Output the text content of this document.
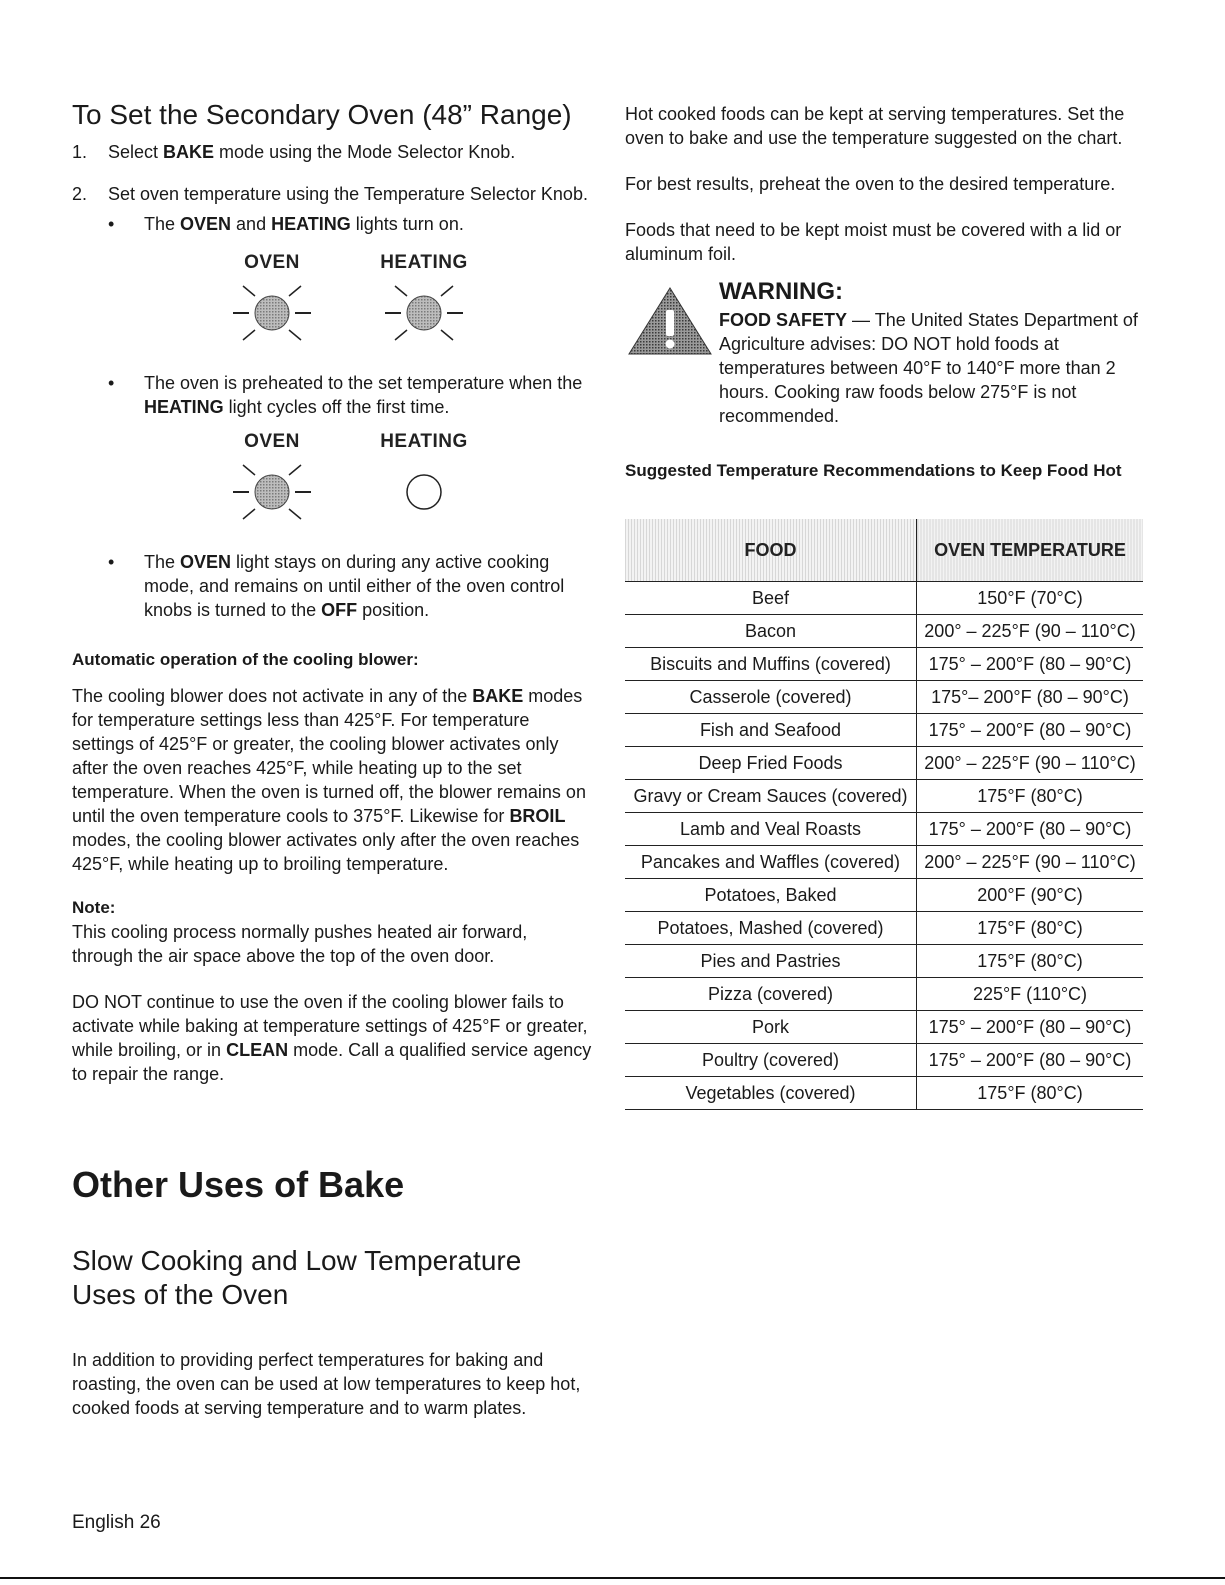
To Set the Secondary Oven (48” Range)
1. Select BAKE mode using the Mode Selector Knob.
2. Set oven temperature using the Temperature Selector Knob.
• The OVEN and HEATING lights turn on.
OVEN	HEATING
• The oven is preheated to the set temperature when the HEATING light cycles off the first time.
OVEN	HEATING
• The OVEN light stays on during any active cooking mode, and remains on until either of the oven control knobs is turned to the OFF position.
Automatic operation of the cooling blower:

The cooling blower does not activate in any of the BAKE modes for temperature settings less than 425°F. For temperature settings of 425°F or greater, the cooling blower activates only after the oven reaches 425°F, while heating up to the set temperature. When the oven is turned off, the blower remains on until the oven temperature cools to 375°F. Likewise for BROIL modes, the cooling blower activates only after the oven reaches 425°F, while heating up to broiling temperature.

Note:

This cooling process normally pushes heated air forward, through the air space above the top of the oven door.

DO NOT continue to use the oven if the cooling blower fails to activate while baking at temperature settings of 425°F or greater, while broiling, or in CLEAN mode. Call a qualified service agency to repair the range.

Other Uses of Bake
Slow Cooking and Low Temperature Uses of the Oven

In addition to providing perfect temperatures for baking and roasting, the oven can be used at low temperatures to keep hot, cooked foods at serving temperature and to warm plates.

Hot cooked foods can be kept at serving temperatures. Set the oven to bake and use the temperature suggested on the chart.

For best results, preheat the oven to the desired temperature.

Foods that need to be kept moist must be covered with a lid or aluminum foil.

WARNING:

FOOD SAFETY — The United States Department of Agriculture advises: DO NOT hold foods at temperatures between 40°F to 140°F more than 2 hours. Cooking raw foods below 275°F is not recommended.

Suggested Temperature Recommendations to Keep Food Hot
FOOD	OVEN TEMPERATURE
Beef	150°F (70°C)
Bacon	200° – 225°F (90 – 110°C)
Biscuits and Muffins (covered)	175° – 200°F (80 – 90°C)
Casserole (covered)	175°– 200°F (80 – 90°C)
Fish and Seafood	175° – 200°F (80 – 90°C)
Deep Fried Foods	200° – 225°F (90 – 110°C)
Gravy or Cream Sauces (covered)	175°F (80°C)
Lamb and Veal Roasts	175° – 200°F (80 – 90°C)
Pancakes and Waffles (covered)	200° – 225°F (90 – 110°C)
Potatoes, Baked	200°F (90°C)
Potatoes, Mashed (covered)	175°F (80°C)
Pies and Pastries	175°F (80°C)
Pizza (covered)	225°F (110°C)
Pork	175° – 200°F (80 – 90°C)
Poultry (covered)	175° – 200°F (80 – 90°C)
Vegetables (covered)	175°F (80°C)
English 26
